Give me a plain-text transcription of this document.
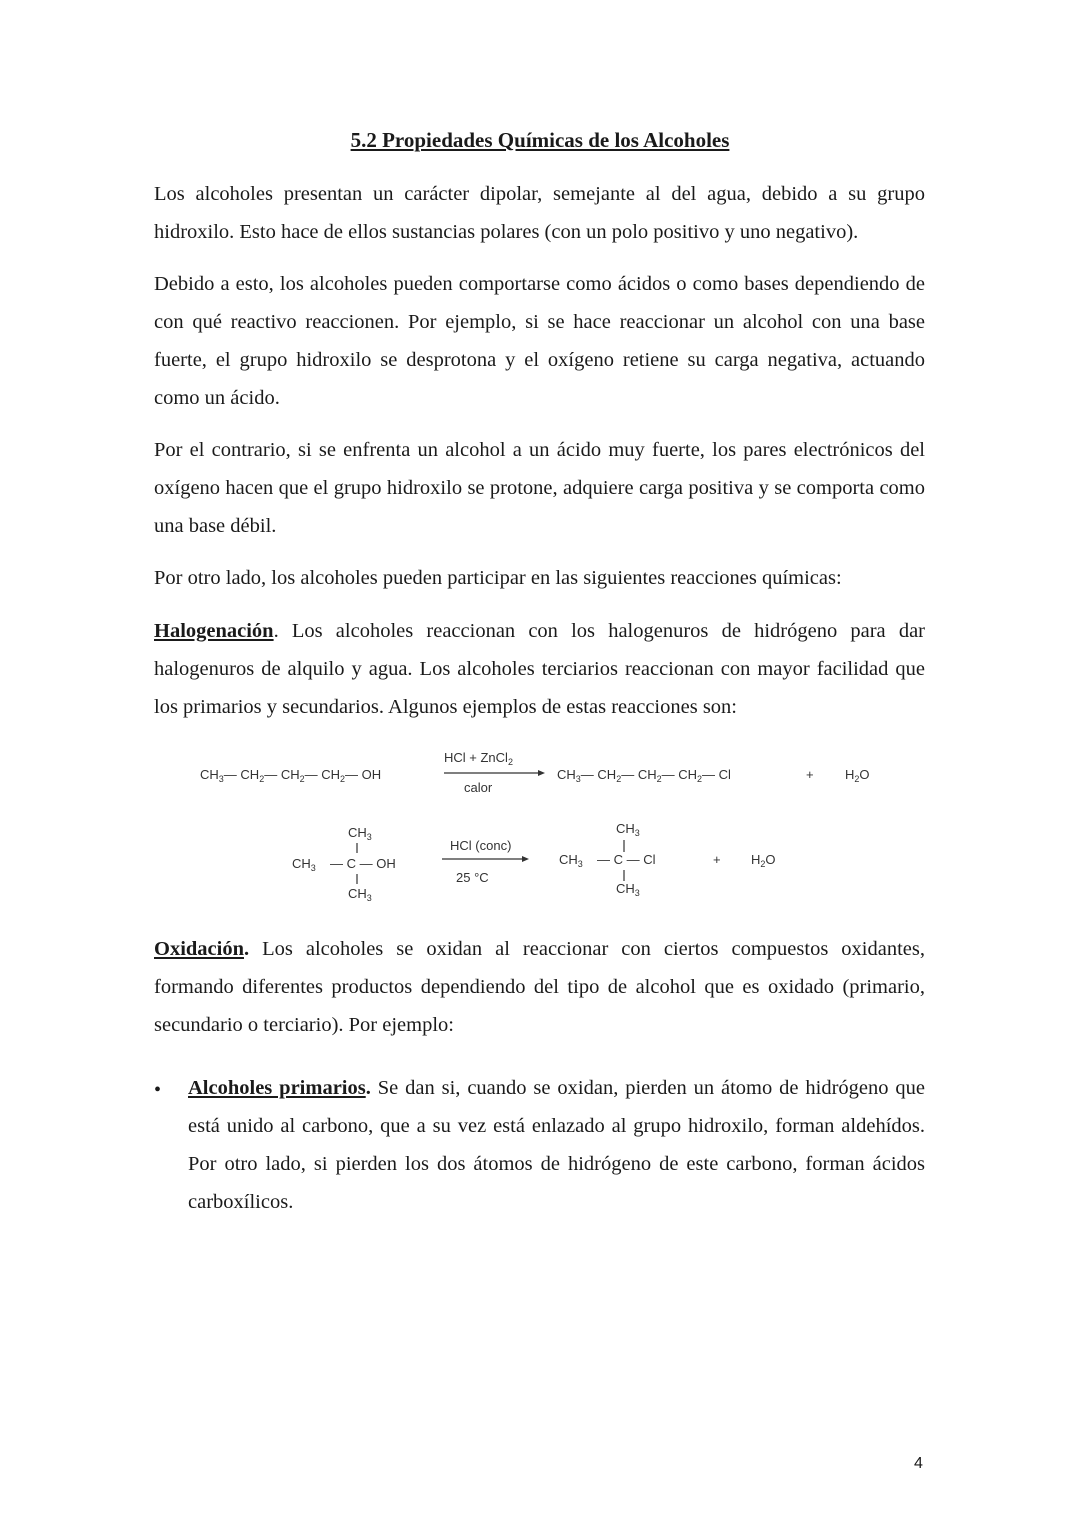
5.2 Propiedades Químicas de los Alcoholes

Los alcoholes presentan un carácter dipolar, semejante al del agua, debido a su grupo hidroxilo. Esto hace de ellos sustancias polares (con un polo positivo y uno negativo).

Debido a esto, los alcoholes pueden comportarse como ácidos o como bases dependiendo de con qué reactivo reaccionen. Por ejemplo, si se hace reaccionar un alcohol con una base fuerte, el grupo hidroxilo se desprotona y el oxígeno retiene su carga negativa, actuando como un ácido.

Por el contrario, si se enfrenta un alcohol a un ácido muy fuerte, los pares electrónicos del oxígeno hacen que el grupo hidroxilo se protone, adquiere carga positiva y se comporta como una base débil.

Por otro lado, los alcoholes pueden participar en las siguientes reacciones químicas:

Halogenación. Los alcoholes reaccionan con los halogenuros de hidrógeno para dar halogenuros de alquilo y agua. Los alcoholes terciarios reaccionan con mayor facilidad que los primarios y secundarios. Algunos ejemplos de estas reacciones son:

$CH_3—$ $CH_2—$ $CH_2—$ $CH_2—$ OH
HCl + ZnCl$_2$
calor
$CH_3—$ $CH_2—$ $CH_2—$ $CH_2—$ Cl	+ $H_2O$
$CH_3$
$CH_3$ — C — OH
$CH_3$
HCl (conc)
25 °C
$CH_3$
$CH_3$ — C — Cl
$CH_3$
+ $H_2O$

Oxidación. Los alcoholes se oxidan al reaccionar con ciertos compuestos oxidantes, formando diferentes productos dependiendo del tipo de alcohol que es oxidado (primario, secundario o terciario). Por ejemplo:

• Alcoholes primarios. Se dan si, cuando se oxidan, pierden un átomo de hidrógeno que está unido al carbono, que a su vez está enlazado al grupo hidroxilo, forman aldehídos. Por otro lado, si pierden los dos átomos de hidrógeno de este carbono, forman ácidos carboxílicos.

4
